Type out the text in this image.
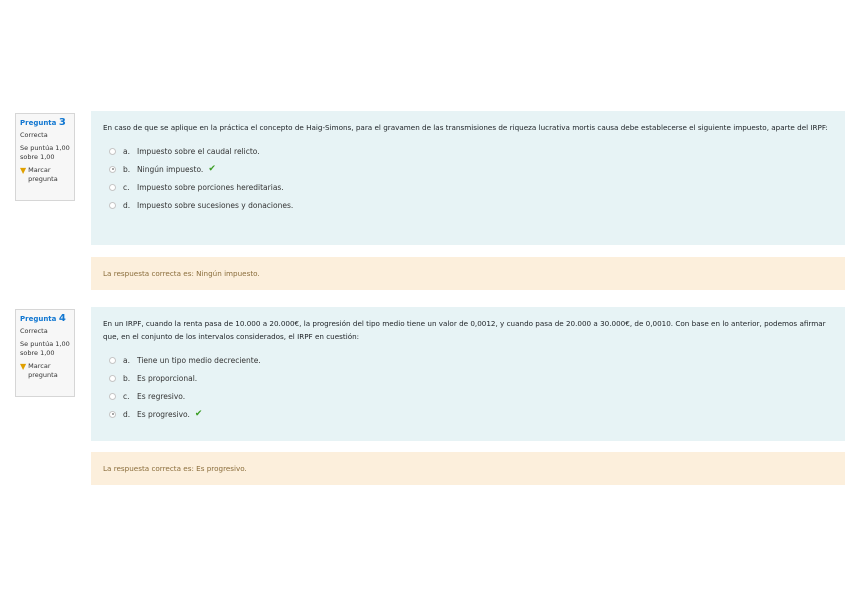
Pregunta 3
Correcta
Se puntúa 1,00 sobre 1,00
▼ Marcar pregunta
En caso de que se aplique en la práctica el concepto de Haig-Simons, para el gravamen de las transmisiones de riqueza lucrativa mortis causa debe establecerse el siguiente impuesto, aparte del IRPF:
a. Impuesto sobre el caudal relicto.
b. Ningún impuesto. ✔
c. Impuesto sobre porciones hereditarias.
d. Impuesto sobre sucesiones y donaciones.
La respuesta correcta es: Ningún impuesto.
Pregunta 4
Correcta
Se puntúa 1,00 sobre 1,00
▼ Marcar pregunta
En un IRPF, cuando la renta pasa de 10.000 a 20.000€, la progresión del tipo medio tiene un valor de 0,0012, y cuando pasa de 20.000 a 30.000€, de 0,0010. Con base en lo anterior, podemos afirmar que, en el conjunto de los intervalos considerados, el IRPF en cuestión:
a. Tiene un tipo medio decreciente.
b. Es proporcional.
c. Es regresivo.
d. Es progresivo. ✔
La respuesta correcta es: Es progresivo.
